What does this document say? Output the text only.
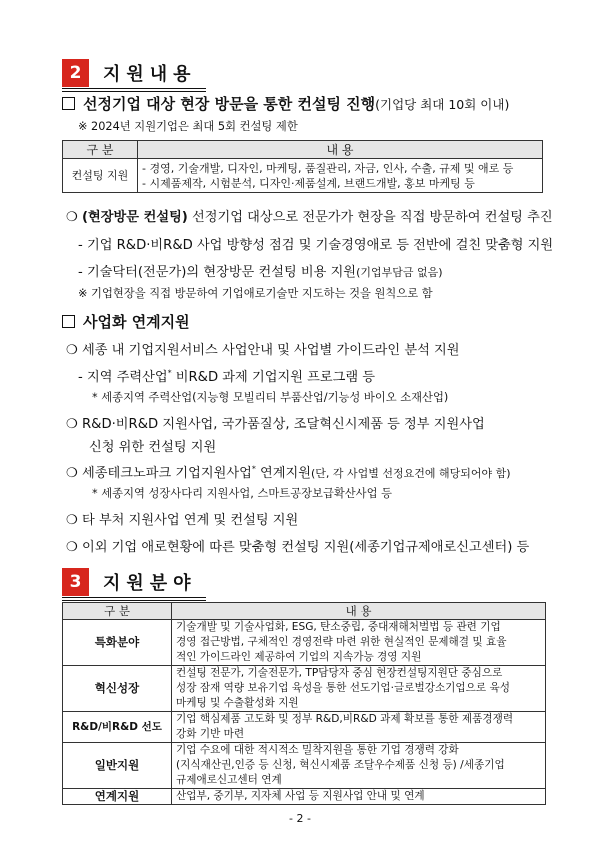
2	지원내용
선정기업 대상 현장 방문을 통한 컨설팅 진행(기업당 최대 10회 이내)
※ 2024년 지원기업은 최대 5회 컨설팅 제한
구 분	내 용
컨설팅 지원	- 경영, 기술개발, 디자인, 마케팅, 품질관리, 자금, 인사, 수출, 규제 및 애로 등
- 시제품제작, 시험분석, 디자인·제품설계, 브랜드개발, 홍보 마케팅 등
❍ (현장방문 컨설팅) 선정기업 대상으로 전문가가 현장을 직접 방문하여 컨설팅 추진
- 기업 R&D·비R&D 사업 방향성 점검 및 기술경영애로 등 전반에 걸친 맞춤형 지원
- 기술닥터(전문가)의 현장방문 컨설팅 비용 지원(기업부담금 없음)
※ 기업현장을 직접 방문하여 기업애로기술만 지도하는 것을 원칙으로 함
사업화 연계지원
❍ 세종 내 기업지원서비스 사업안내 및 사업별 가이드라인 분석 지원
- 지역 주력산업* 비R&D 과제 기업지원 프로그램 등
* 세종지역 주력산업(지능형 모빌리티 부품산업/기능성 바이오 소재산업)
❍ R&D·비R&D 지원사업, 국가품질상, 조달혁신시제품 등 정부 지원사업
신청 위한 컨설팅 지원
❍ 세종테크노파크 기업지원사업* 연계지원(단, 각 사업별 선정요건에 해당되어야 함)
* 세종지역 성장사다리 지원사업, 스마트공장보급확산사업 등
❍ 타 부처 지원사업 연계 및 컨설팅 지원
❍ 이외 기업 애로현황에 따른 맞춤형 컨설팅 지원(세종기업규제애로신고센터) 등
3	지원분야
구 분	내 용
특화분야	기술개발 및 기술사업화, ESG, 탄소중립, 중대재해처벌법 등 관련 기업
경영 접근방법, 구체적인 경영전략 마련 위한 현실적인 문제해결 및 효율
적인 가이드라인 제공하여 기업의 지속가능 경영 지원

혁신성장	컨설팅 전문가, 기술전문가, TP담당자 중심 현장컨설팅지원단 중심으로
성장 잠재 역량 보유기업 육성을 통한 선도기업·글로벌강소기업으로 육성
마케팅 및 수출활성화 지원

R&D/비R&D 선도	기업 핵심제품 고도화 및 정부 R&D,비R&D 과제 확보를 통한 제품경쟁력
강화 기반 마련

일반지원	기업 수요에 대한 적시적소 밀착지원을 통한 기업 경쟁력 강화
(지식재산권,인증 등 신청, 혁신시제품 조달우수제품 신청 등) /세종기업
규제애로신고센터 연계

연계지원	산업부, 중기부, 지자체 사업 등 지원사업 안내 및 연계
- 2 -
